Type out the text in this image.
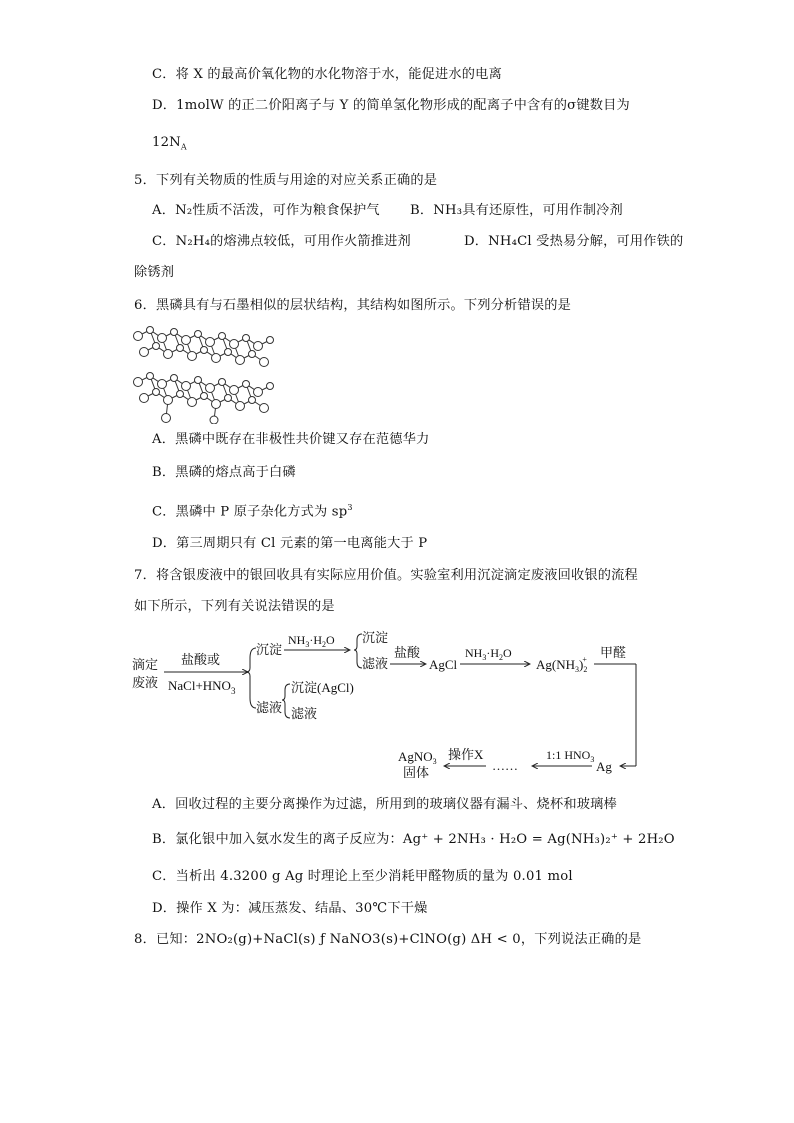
C．将 X 的最高价氧化物的水化物溶于水，能促进水的电离
D．1molW 的正二价阳离子与 Y 的简单氢化物形成的配离子中含有的σ键数目为
$12N_A$
5．下列有关物质的性质与用途的对应关系正确的是
A．N₂性质不活泼，可作为粮食保护气 B．NH₃具有还原性，可用作制冷剂
C．N₂H₄的熔沸点较低，可用作火箭推进剂	D．NH₄Cl 受热易分解，可用作铁的
除锈剂
6．黑磷具有与石墨相似的层状结构，其结构如图所示。下列分析错误的是
A．黑磷中既存在非极性共价键又存在范德华力
B．黑磷的熔点高于白磷
C．黑磷中 P 原子杂化方式为 $sp^3$
D．第三周期只有 Cl 元素的第一电离能大于 P
7．将含银废液中的银回收具有实际应用价值。实验室利用沉淀滴定废液回收银的流程
如下所示，下列有关说法错误的是
滴定
废液
盐酸或
$NaCl+HNO_3$
沉淀
滤液
$NH_3\cdot H_2O$ 沉淀
滤液
盐酸
AgCl
$NH_3\cdot H_2O$
$Ag(NH_3)_2+$ 甲醛
沉淀(AgCl)
滤液
Ag
1:1 $HNO_3$
……
操作X
AgNO$_3$
固体
A．回收过程的主要分离操作为过滤，所用到的玻璃仪器有漏斗、烧杯和玻璃棒
B．氯化银中加入氨水发生的离子反应为：Ag⁺ + 2NH₃ · H₂O = Ag(NH₃)₂⁺ + 2H₂O
C．当析出 4.3200 g Ag 时理论上至少消耗甲醛物质的量为 0.01 mol
D．操作 X 为：减压蒸发、结晶、30℃下干燥
8．已知：2NO₂(g)+NaCl(s) ƒ NaNO3(s)+ClNO(g) ΔH < 0，下列说法正确的是
